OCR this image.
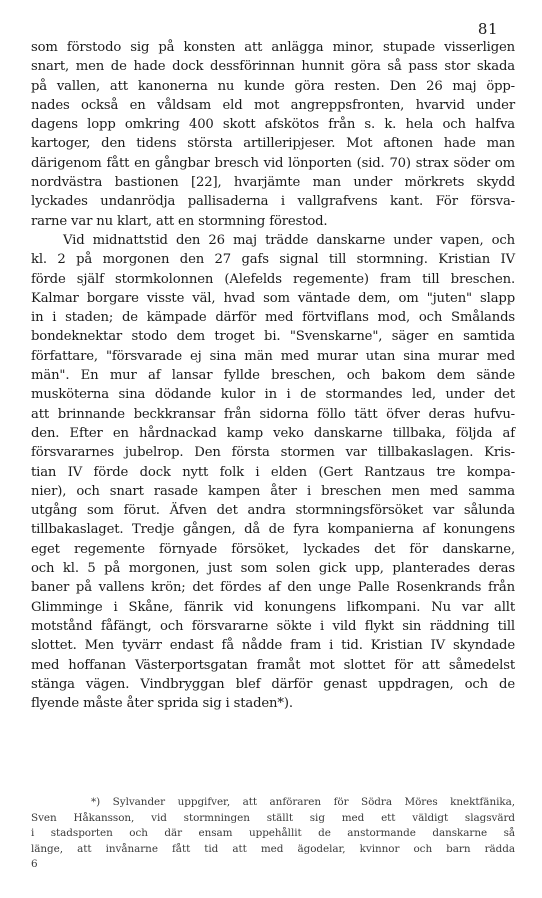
81
som förstodo sig på konsten att anlägga minor, stupade visserligen
snart, men de hade dock dessförinnan hunnit göra så pass stor skada
på vallen, att kanonerna nu kunde göra resten. Den 26 maj öpp-
nades också en våldsam eld mot angreppsfronten, hvarvid under
dagens lopp omkring 400 skott afskötos från s. k. hela och halfva
kartoger, den tidens största artilleripjeser. Mot aftonen hade man
därigenom fått en gångbar bresch vid lönporten (sid. 70) strax söder om
nordvästra bastionen [22], hvarjämte man under mörkrets skydd
lyckades undanrödja pallisaderna i vallgrafvens kant. För försva-
rarne var nu klart, att en stormning förestod.
Vid midnattstid den 26 maj trädde danskarne under vapen, och
kl. 2 på morgonen den 27 gafs signal till stormning. Kristian IV
förde själf stormkolonnen (Alefelds regemente) fram till breschen.
Kalmar borgare visste väl, hvad som väntade dem, om "juten" slapp
in i staden; de kämpade därför med förtviflans mod, och Smålands
bondeknektar stodo dem troget bi. "Svenskarne", säger en samtida
författare, "försvarade ej sina män med murar utan sina murar med
män". En mur af lansar fyllde breschen, och bakom dem sände
musköterna sina dödande kulor in i de stormandes led, under det
att brinnande beckkransar från sidorna föllo tätt öfver deras hufvu-
den. Efter en hårdnackad kamp veko danskarne tillbaka, följda af
försvararnes jubelrop. Den första stormen var tillbakaslagen. Kris-
tian IV förde dock nytt folk i elden (Gert Rantzaus tre kompa-
nier), och snart rasade kampen åter i breschen men med samma
utgång som förut. Äfven det andra stormningsförsöket var sålunda
tillbakaslaget. Tredje gången, då de fyra kompanierna af konungens
eget regemente förnyade försöket, lyckades det för danskarne,
och kl. 5 på morgonen, just som solen gick upp, planterades deras
baner på vallens krön; det fördes af den unge Palle Rosenkrands från
Glimminge i Skåne, fänrik vid konungens lifkompani. Nu var allt
motstånd fåfängt, och försvararne sökte i vild flykt sin räddning till
slottet. Men tyvärr endast få nådde fram i tid. Kristian IV skyndade
med hoffanan Västerportsgatan framåt mot slottet för att såmedelst
stänga vägen. Vindbryggan blef därför genast uppdragen, och de
flyende måste åter sprida sig i staden*).
*) Sylvander uppgifver, att anföraren för Södra Möres knektfänika,
Sven Håkansson, vid stormningen ställt sig med ett väldigt slagsvärd
i stadsporten och där ensam uppehållit de anstormande danskarne så
länge, att invånarne fått tid att med ägodelar, kvinnor och barn rädda
6
